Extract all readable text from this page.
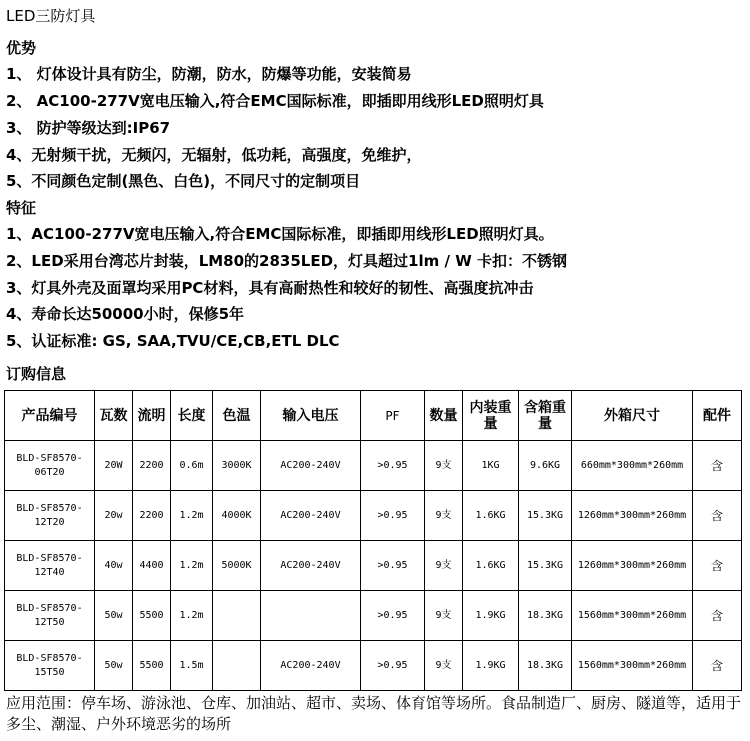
LED三防灯具
优势
1、 灯体设计具有防尘，防潮，防水，防爆等功能，安装简易
2、 AC100-277V宽电压输入,符合EMC国际标准，即插即用线形LED照明灯具
3、 防护等级达到:IP67
4、无射频干扰，无频闪，无辐射，低功耗，高强度，免维护，
5、不同颜色定制(黑色、白色)，不同尺寸的定制项目
特征
1、AC100-277V宽电压输入,符合EMC国际标准，即插即用线形LED照明灯具。
2、LED采用台湾芯片封装，LM80的2835LED，灯具超过1lm / W 卡扣：不锈钢
3、灯具外壳及面罩均采用PC材料，具有高耐热性和较好的韧性、高强度抗冲击
4、寿命长达50000小时，保修5年
5、认证标准: GS, SAA,TVU/CE,CB,ETL DLC
订购信息
产品编号	瓦数	流明	长度	色温	输入电压	PF	数量	内装重量	含箱重量	外箱尺寸	配件
BLD-SF8570-06T20	20W	2200	0.6m	3000K	AC200-240V	>0.95	9支	1KG	9.6KG	660mm*300mm*260mm	含
BLD-SF8570-12T20	20w	2200	1.2m	4000K	AC200-240V	>0.95	9支	1.6KG	15.3KG	1260mm*300mm*260mm	含
BLD-SF8570-12T40	40w	4400	1.2m	5000K	AC200-240V	>0.95	9支	1.6KG	15.3KG	1260mm*300mm*260mm	含
BLD-SF8570-12T50	50w	5500	1.2m			>0.95	9支	1.9KG	18.3KG	1560mm*300mm*260mm	含
BLD-SF8570-15T50	50w	5500	1.5m		AC200-240V	>0.95	9支	1.9KG	18.3KG	1560mm*300mm*260mm	含
应用范围：停车场、游泳池、仓库、加油站、超市、卖场、体育馆等场所。食品制造厂、厨房、隧道等，适用于多尘、潮湿、户外环境恶劣的场所
